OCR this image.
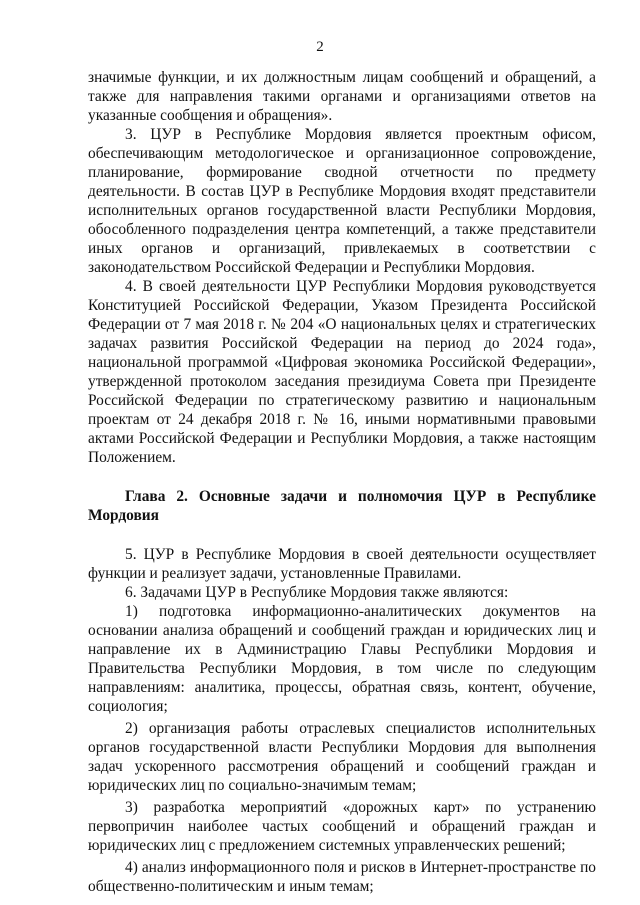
2

значимые функции, и их должностным лицам сообщений и обращений, а также для направления такими органами и организациями ответов на указанные сообщения и обращения».

3. ЦУР в Республике Мордовия является проектным офисом, обеспечивающим методологическое и организационное сопровождение, планирование, формирование сводной отчетности по предмету деятельности. В состав ЦУР в Республике Мордовия входят представители исполнительных органов государственной власти Республики Мордовия, обособленного подразделения центра компетенций, а также представители иных органов и организаций, привлекаемых в соответствии с законодательством Российской Федерации и Республики Мордовия.

4. В своей деятельности ЦУР Республики Мордовия руководствуется Конституцией Российской Федерации, Указом Президента Российской Федерации от 7 мая 2018 г. № 204 «О национальных целях и стратегических задачах развития Российской Федерации на период до 2024 года», национальной программой «Цифровая экономика Российской Федерации», утвержденной протоколом заседания президиума Совета при Президенте Российской Федерации по стратегическому развитию и национальным проектам от 24 декабря 2018 г. № 16, иными нормативными правовыми актами Российской Федерации и Республики Мордовия, а также настоящим Положением.

Глава 2. Основные задачи и полномочия ЦУР в Республике Мордовия

5. ЦУР в Республике Мордовия в своей деятельности осуществляет функции и реализует задачи, установленные Правилами.

6. Задачами ЦУР в Республике Мордовия также являются:

1) подготовка информационно-аналитических документов на основании анализа обращений и сообщений граждан и юридических лиц и направление их в Администрацию Главы Республики Мордовия и Правительства Республики Мордовия, в том числе по следующим направлениям: аналитика, процессы, обратная связь, контент, обучение, социология;

2) организация работы отраслевых специалистов исполнительных органов государственной власти Республики Мордовия для выполнения задач ускоренного рассмотрения обращений и сообщений граждан и юридических лиц по социально-значимым темам;

3) разработка мероприятий «дорожных карт» по устранению первопричин наиболее частых сообщений и обращений граждан и юридических лиц с предложением системных управленческих решений;

4) анализ информационного поля и рисков в Интернет-пространстве по общественно-политическим и иным темам;
